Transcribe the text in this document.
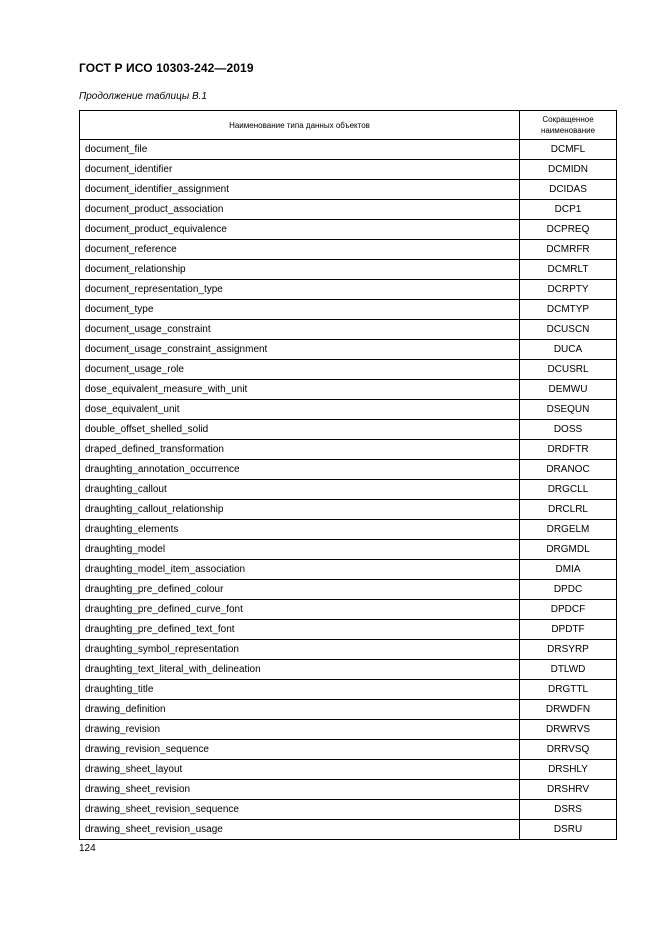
ГОСТ Р ИСО 10303-242—2019
Продолжение таблицы В.1
Наименование типа данных объектов	Сокращенное наименование
document_file	DCMFL
document_identifier	DCMIDN
document_identifier_assignment	DCIDAS
document_product_association	DCP1
document_product_equivalence	DCPREQ
document_reference	DCMRFR
document_relationship	DCMRLT
document_representation_type	DCRPTY
document_type	DCMTYP
document_usage_constraint	DCUSCN
document_usage_constraint_assignment	DUCA
document_usage_role	DCUSRL
dose_equivalent_measure_with_unit	DEMWU
dose_equivalent_unit	DSEQUN
double_offset_shelled_solid	DOSS
draped_defined_transformation	DRDFTR
draughting_annotation_occurrence	DRANOC
draughting_callout	DRGCLL
draughting_callout_relationship	DRCLRL
draughting_elements	DRGELM
draughting_model	DRGMDL
draughting_model_item_association	DMIA
draughting_pre_defined_colour	DPDC
draughting_pre_defined_curve_font	DPDCF
draughting_pre_defined_text_font	DPDTF
draughting_symbol_representation	DRSYRP
draughting_text_literal_with_delineation	DTLWD
draughting_title	DRGTTL
drawing_definition	DRWDFN
drawing_revision	DRWRVS
drawing_revision_sequence	DRRVSQ
drawing_sheet_layout	DRSHLY
drawing_sheet_revision	DRSHRV
drawing_sheet_revision_sequence	DSRS
drawing_sheet_revision_usage	DSRU
124
